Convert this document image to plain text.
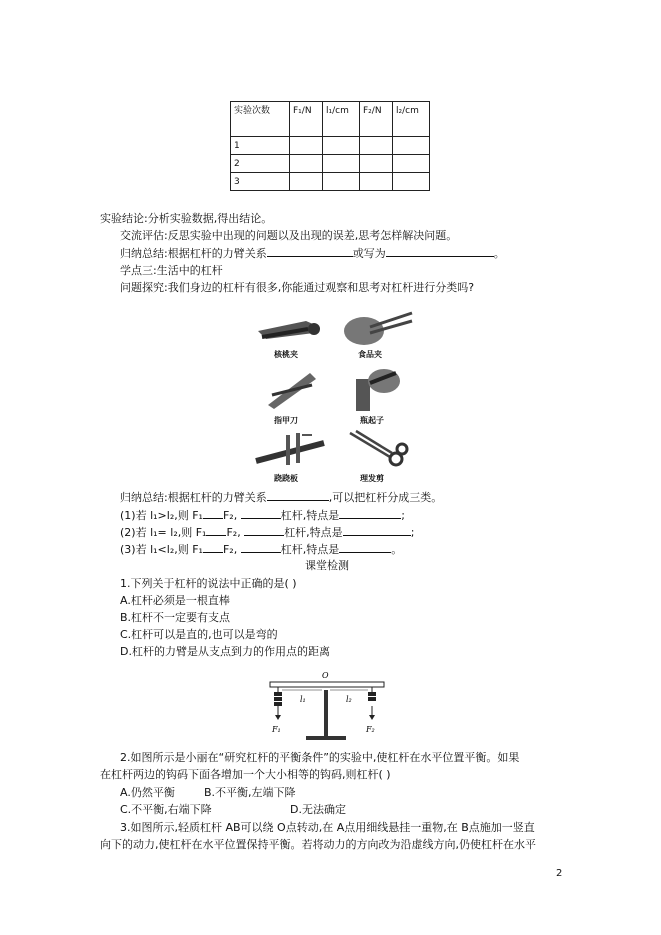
实验次数	F₁/N	l₁/cm	F₂/N	l₂/cm
1				
2				
3				
实验结论:分析实验数据,得出结论。
交流评估:反思实验中出现的问题以及出现的误差,思考怎样解决问题。
归纳总结:根据杠杆的力臂关系	或写为	。
学点三:生活中的杠杆
问题探究:我们身边的杠杆有很多,你能通过观察和思考对杠杆进行分类吗?
核桃夹	食品夹
指甲刀	瓶起子
跷跷板	理发剪
归纳总结:根据杠杆的力臂关系	,可以把杠杆分成三类。
(1)若 l₁>l₂,则 F₁ F₂,	杠杆,特点是	;
(2)若 l₁= l₂,则 F₁ F₂,	杠杆,特点是	;
(3)若 l₁<l₂,则 F₁ F₂,	杠杆,特点是	。
课堂检测
1.下列关于杠杆的说法中正确的是( )
A.杠杆必须是一根直棒
B.杠杆不一定要有支点
C.杠杆可以是直的,也可以是弯的
D.杠杆的力臂是从支点到力的作用点的距离
O
l₁	l₂
F₁	F₂
2.如图所示是小丽在“研究杠杆的平衡条件”的实验中,使杠杆在水平位置平衡。如果
在杠杆两边的钩码下面各增加一个大小相等的钩码,则杠杆( )
A.仍然平衡	B.不平衡,左端下降
C.不平衡,右端下降	D.无法确定
3.如图所示,轻质杠杆 AB可以绕 O点转动,在 A点用细线悬挂一重物,在 B点施加一竖直
向下的动力,使杠杆在水平位置保持平衡。若将动力的方向改为沿虚线方向,仍使杠杆在水平
2
